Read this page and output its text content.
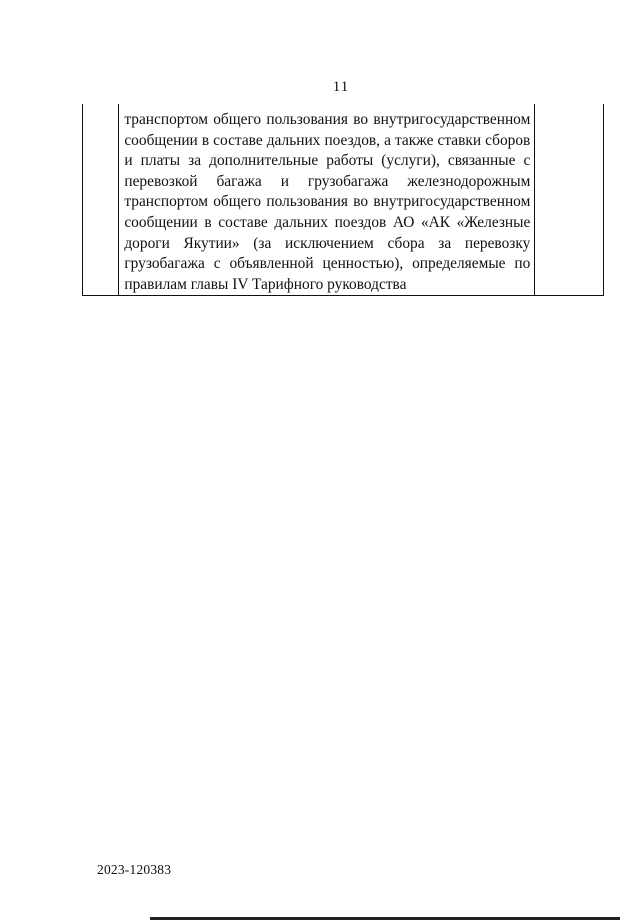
11

транспортом общего пользования во внутригосударственном
сообщении в составе дальних поездов, а также ставки сборов
и платы за дополнительные работы (услуги), связанные с
перевозкой багажа и грузобагажа железнодорожным
транспортом общего пользования во внутригосударственном
сообщении в составе дальних поездов АО «АК «Железные
дороги Якутии» (за исключением сбора за перевозку
грузобагажа с объявленной ценностью), определяемые по
правилам главы IV Тарифного руководства

2023-120383
